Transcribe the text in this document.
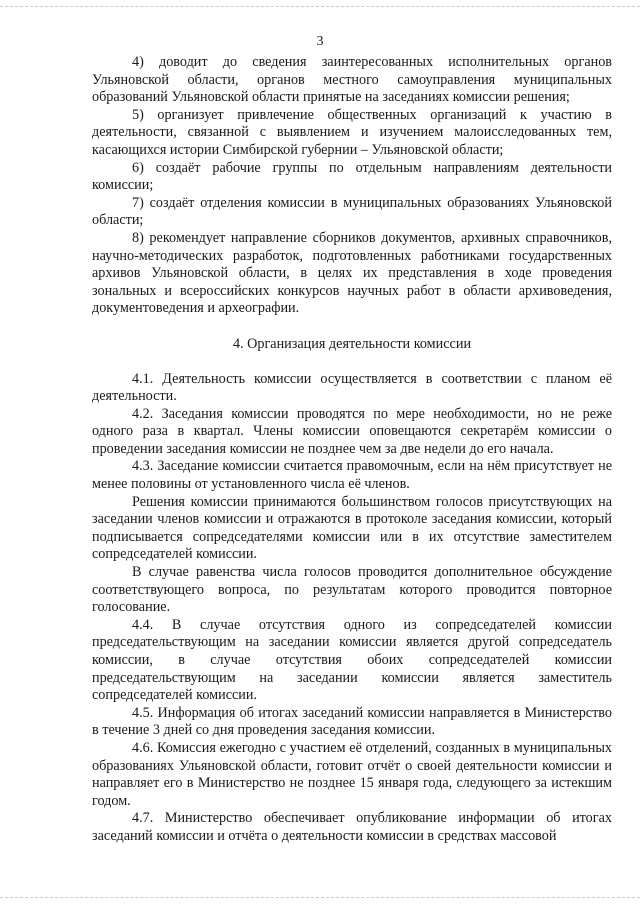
3

4) доводит до сведения заинтересованных исполнительных органов Ульяновской области, органов местного самоуправления муниципальных образований Ульяновской области принятые на заседаниях комиссии решения;

5) организует привлечение общественных организаций к участию в деятельности, связанной с выявлением и изучением малоисследованных тем, касающихся истории Симбирской губернии – Ульяновской области;

6) создаёт рабочие группы по отдельным направлениям деятельности комиссии;

7) создаёт отделения комиссии в муниципальных образованиях Ульяновской области;

8) рекомендует направление сборников документов, архивных справочников, научно-методических разработок, подготовленных работниками государственных архивов Ульяновской области, в целях их представления в ходе проведения зональных и всероссийских конкурсов научных работ в области архивоведения, документоведения и археографии.

4. Организация деятельности комиссии

4.1. Деятельность комиссии осуществляется в соответствии с планом её деятельности.

4.2. Заседания комиссии проводятся по мере необходимости, но не реже одного раза в квартал. Члены комиссии оповещаются секретарём комиссии о проведении заседания комиссии не позднее чем за две недели до его начала.

4.3. Заседание комиссии считается правомочным, если на нём присутствует не менее половины от установленного числа её членов.

Решения комиссии принимаются большинством голосов присутствующих на заседании членов комиссии и отражаются в протоколе заседания комиссии, который подписывается сопредседателями комиссии или в их отсутствие заместителем сопредседателей комиссии.

В случае равенства числа голосов проводится дополнительное обсуждение соответствующего вопроса, по результатам которого проводится повторное голосование.

4.4. В случае отсутствия одного из сопредседателей комиссии председательствующим на заседании комиссии является другой сопредседатель комиссии, в случае отсутствия обоих сопредседателей комиссии председательствующим на заседании комиссии является заместитель сопредседателей комиссии.

4.5. Информация об итогах заседаний комиссии направляется в Министерство в течение 3 дней со дня проведения заседания комиссии.

4.6. Комиссия ежегодно с участием её отделений, созданных в муниципальных образованиях Ульяновской области, готовит отчёт о своей деятельности комиссии и направляет его в Министерство не позднее 15 января года, следующего за истекшим годом.

4.7. Министерство обеспечивает опубликование информации об итогах заседаний комиссии и отчёта о деятельности комиссии в средствах массовой
